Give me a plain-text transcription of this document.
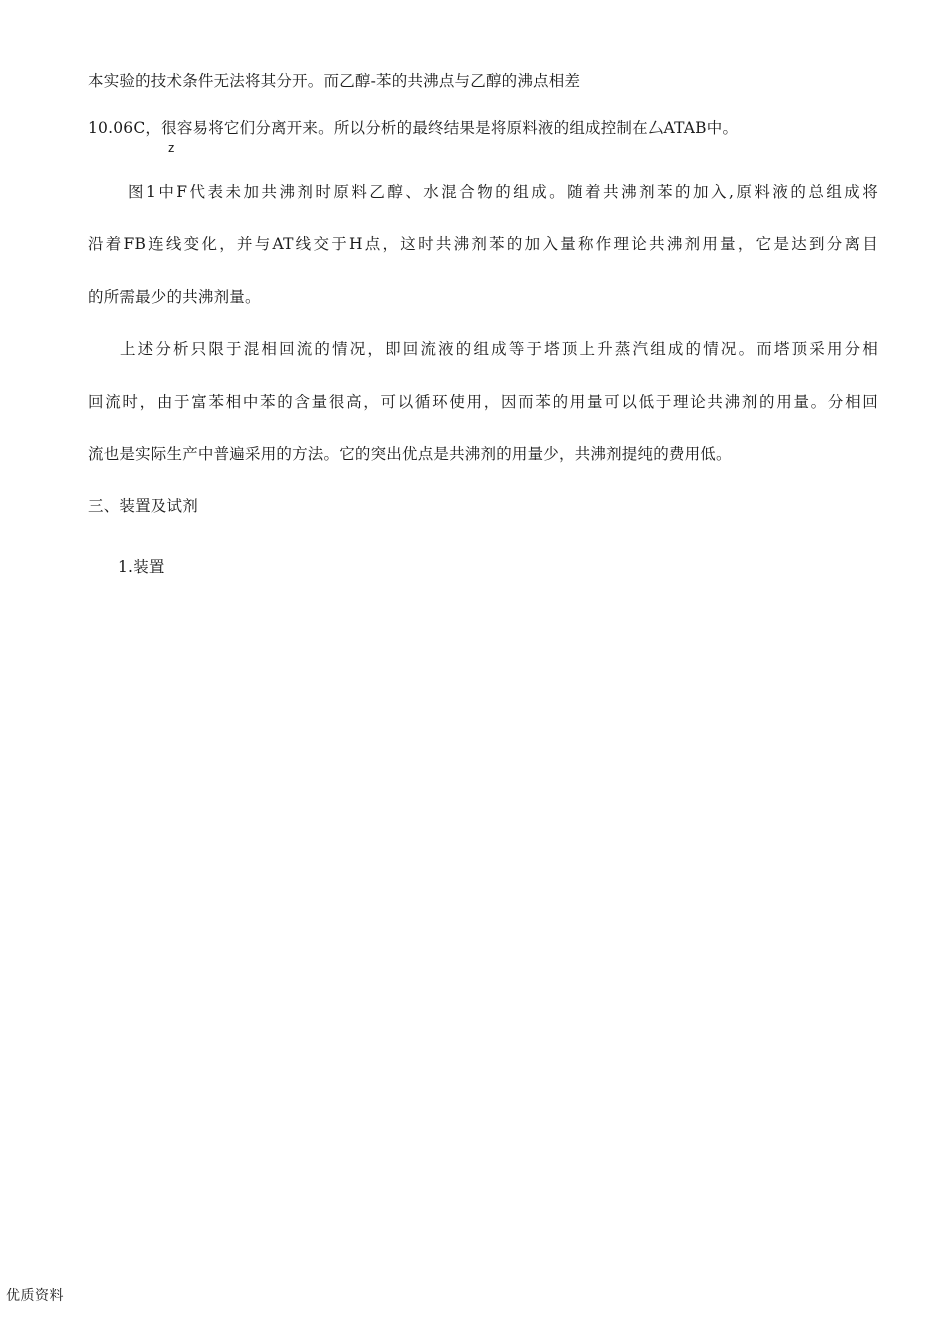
本实验的技术条件无法将其分开。而乙醇-苯的共沸点与乙醇的沸点相差
10.06C，很容易将它们分离开来。所以分析的最终结果是将原料液的组成控制在厶ATAB中。
z
图1中F代表未加共沸剂时原料乙醇、水混合物的组成。随着共沸剂苯的加入,原料液的总组成将
沿着FB连线变化，并与AT线交于H点，这时共沸剂苯的加入量称作理论共沸剂用量，它是达到分离目
的所需最少的共沸剂量。
上述分析只限于混相回流的情况，即回流液的组成等于塔顶上升蒸汽组成的情况。而塔顶采用分相
回流时，由于富苯相中苯的含量很高，可以循环使用，因而苯的用量可以低于理论共沸剂的用量。分相回
流也是实际生产中普遍采用的方法。它的突出优点是共沸剂的用量少，共沸剂提纯的费用低。
三、装置及试剂
1.装置
优质资料
